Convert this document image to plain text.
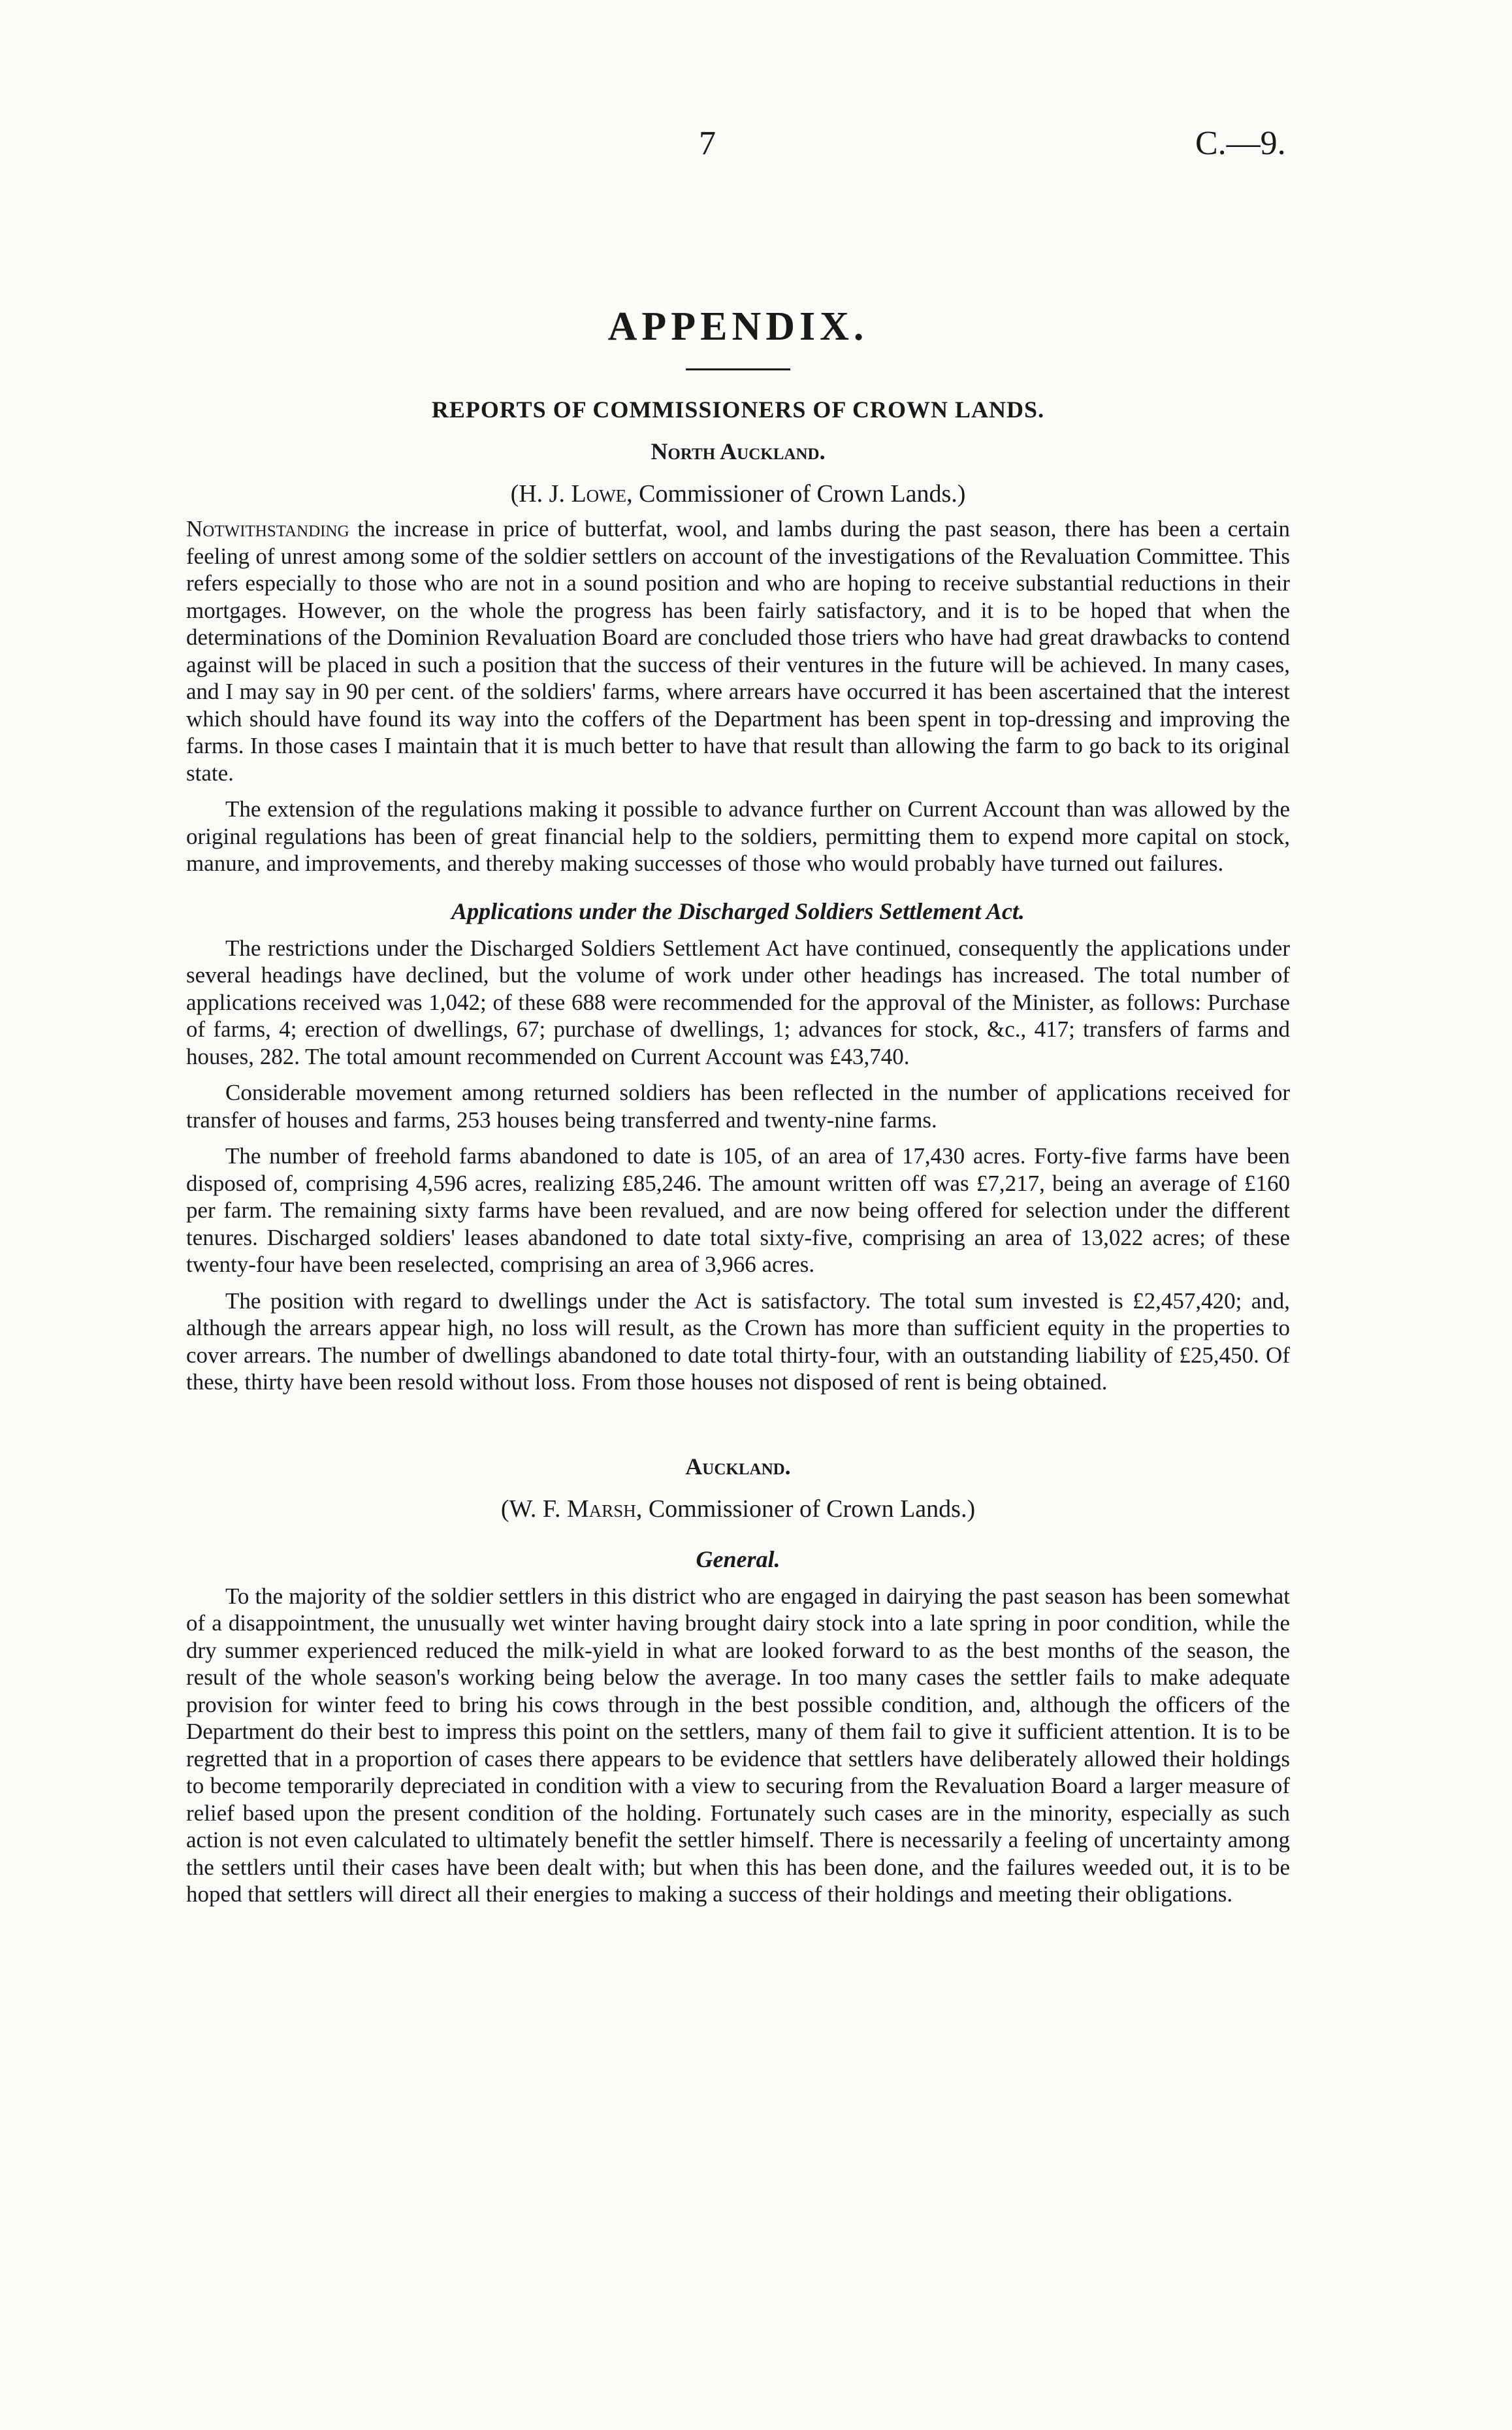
7	C.—9.
APPENDIX.
REPORTS OF COMMISSIONERS OF CROWN LANDS.
North Auckland.
(H. J. Lowe, Commissioner of Crown Lands.)

Notwithstanding the increase in price of butterfat, wool, and lambs during the past season, there has been a certain feeling of unrest among some of the soldier settlers on account of the investigations of the Revaluation Committee. This refers especially to those who are not in a sound position and who are hoping to receive substantial reductions in their mortgages. However, on the whole the progress has been fairly satisfactory, and it is to be hoped that when the determinations of the Dominion Revaluation Board are concluded those triers who have had great drawbacks to contend against will be placed in such a position that the success of their ventures in the future will be achieved. In many cases, and I may say in 90 per cent. of the soldiers' farms, where arrears have occurred it has been ascertained that the interest which should have found its way into the coffers of the Department has been spent in top-dressing and improving the farms. In those cases I maintain that it is much better to have that result than allowing the farm to go back to its original state.

The extension of the regulations making it possible to advance further on Current Account than was allowed by the original regulations has been of great financial help to the soldiers, permitting them to expend more capital on stock, manure, and improvements, and thereby making successes of those who would probably have turned out failures.

Applications under the Discharged Soldiers Settlement Act.

The restrictions under the Discharged Soldiers Settlement Act have continued, consequently the applications under several headings have declined, but the volume of work under other headings has increased. The total number of applications received was 1,042; of these 688 were recommended for the approval of the Minister, as follows: Purchase of farms, 4; erection of dwellings, 67; purchase of dwellings, 1; advances for stock, &c., 417; transfers of farms and houses, 282. The total amount recommended on Current Account was £43,740.

Considerable movement among returned soldiers has been reflected in the number of applications received for transfer of houses and farms, 253 houses being transferred and twenty-nine farms.

The number of freehold farms abandoned to date is 105, of an area of 17,430 acres. Forty-five farms have been disposed of, comprising 4,596 acres, realizing £85,246. The amount written off was £7,217, being an average of £160 per farm. The remaining sixty farms have been revalued, and are now being offered for selection under the different tenures. Discharged soldiers' leases abandoned to date total sixty-five, comprising an area of 13,022 acres; of these twenty-four have been reselected, comprising an area of 3,966 acres.

The position with regard to dwellings under the Act is satisfactory. The total sum invested is £2,457,420; and, although the arrears appear high, no loss will result, as the Crown has more than sufficient equity in the properties to cover arrears. The number of dwellings abandoned to date total thirty-four, with an outstanding liability of £25,450. Of these, thirty have been resold without loss. From those houses not disposed of rent is being obtained.

Auckland.
(W. F. Marsh, Commissioner of Crown Lands.)
General.

To the majority of the soldier settlers in this district who are engaged in dairying the past season has been somewhat of a disappointment, the unusually wet winter having brought dairy stock into a late spring in poor condition, while the dry summer experienced reduced the milk-yield in what are looked forward to as the best months of the season, the result of the whole season's working being below the average. In too many cases the settler fails to make adequate provision for winter feed to bring his cows through in the best possible condition, and, although the officers of the Department do their best to impress this point on the settlers, many of them fail to give it sufficient attention. It is to be regretted that in a proportion of cases there appears to be evidence that settlers have deliberately allowed their holdings to become temporarily depreciated in condition with a view to securing from the Revaluation Board a larger measure of relief based upon the present condition of the holding. Fortunately such cases are in the minority, especially as such action is not even calculated to ultimately benefit the settler himself. There is necessarily a feeling of uncertainty among the settlers until their cases have been dealt with; but when this has been done, and the failures weeded out, it is to be hoped that settlers will direct all their energies to making a success of their holdings and meeting their obligations.
